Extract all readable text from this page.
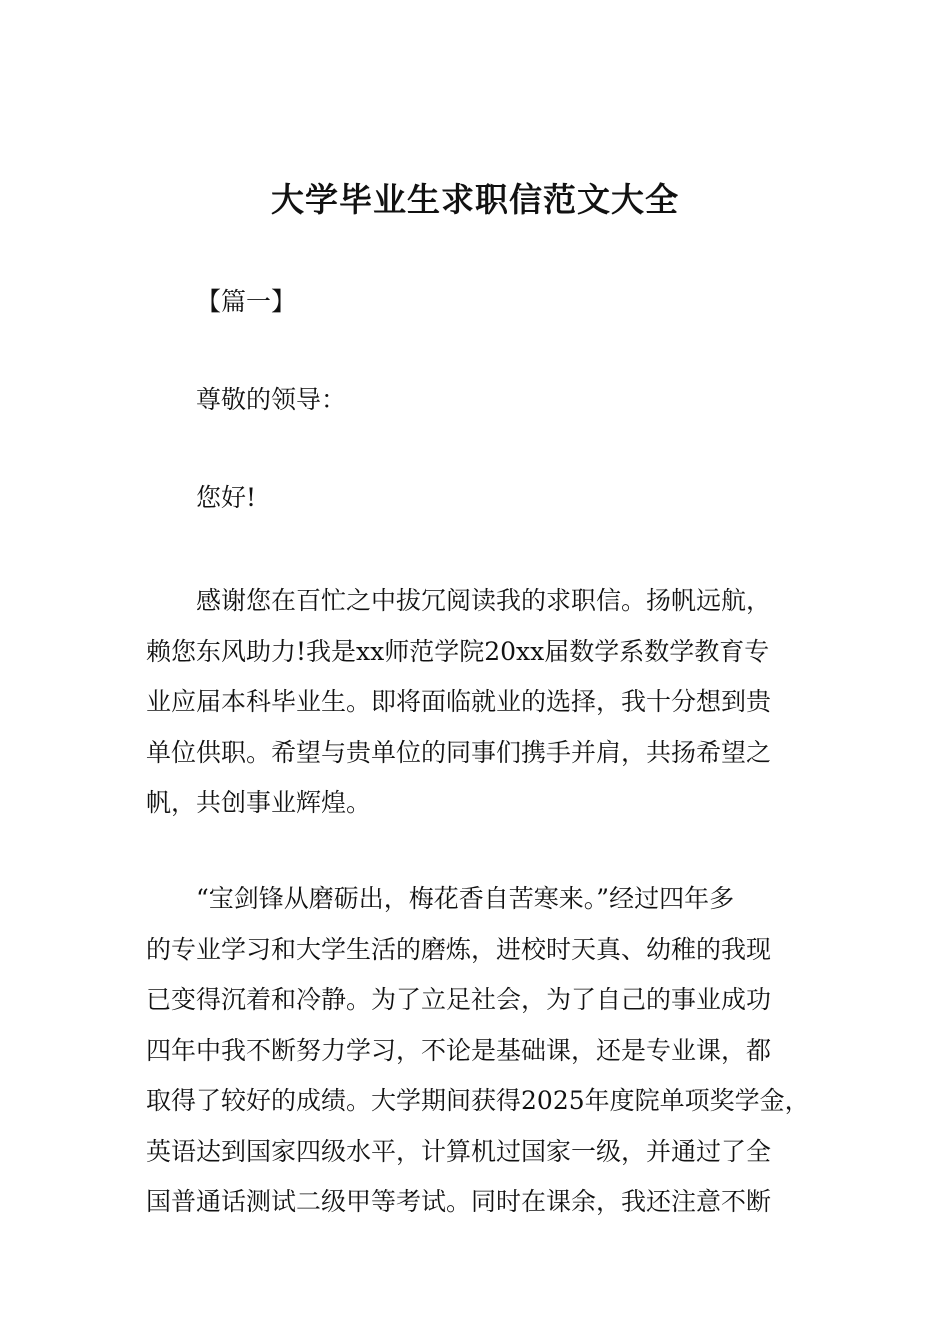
大学毕业生求职信范文大全

【篇一】

尊敬的领导：

您好!

感谢您在百忙之中拔冗阅读我的求职信。扬帆远航，
赖您东风助力!我是xx师范学院20xx届数学系数学教育专
业应届本科毕业生。即将面临就业的选择，我十分想到贵
单位供职。希望与贵单位的同事们携手并肩，共扬希望之
帆，共创事业辉煌。
“宝剑锋从磨砺出，梅花香自苦寒来。”经过四年多
的专业学习和大学生活的磨炼，进校时天真、幼稚的我现
已变得沉着和冷静。为了立足社会，为了自己的事业成功
四年中我不断努力学习，不论是基础课，还是专业课，都
取得了较好的成绩。大学期间获得2025年度院单项奖学金，
英语达到国家四级水平，计算机过国家一级，并通过了全
国普通话测试二级甲等考试。同时在课余，我还注意不断
